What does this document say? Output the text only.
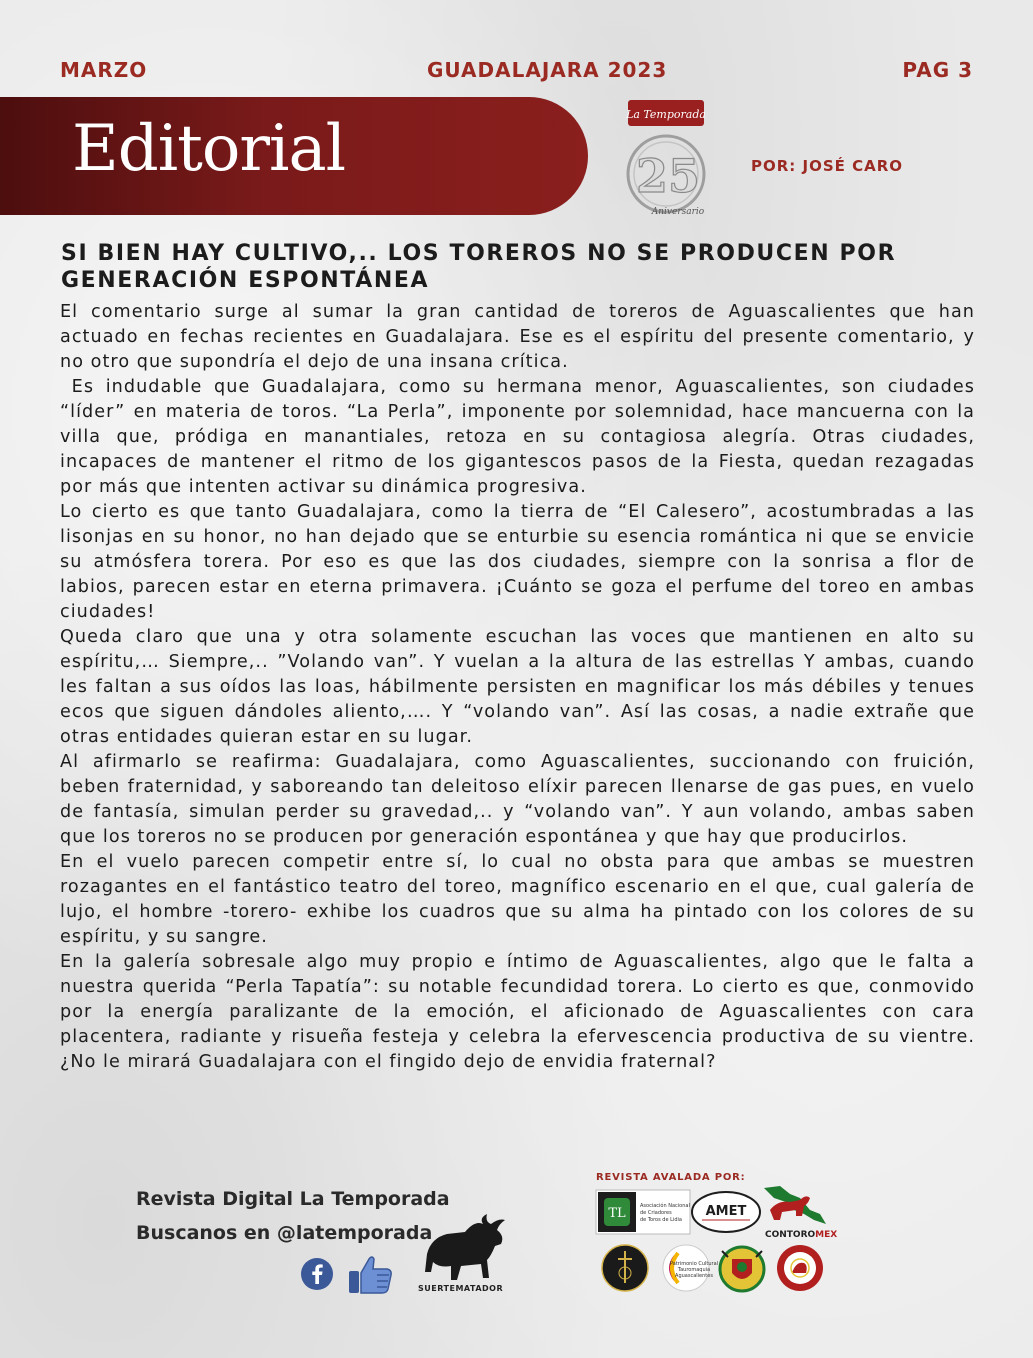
MARZO	GUADALAJARA 2023	PAG 3
Editorial	La Temporada
25
Aniversario
POR: JOSÉ CARO
SI BIEN HAY CULTIVO,.. LOS TOREROS NO SE PRODUCEN POR GENERACIÓN ESPONTÁNEA

El comentario surge al sumar la gran cantidad de toreros de Aguascalientes que han actuado en fechas recientes en Guadalajara. Ese es el espíritu del presente comentario, y no otro que supondría el dejo de una insana crítica.

Es indudable que Guadalajara, como su hermana menor, Aguascalientes, son ciudades “líder” en materia de toros. “La Perla”, imponente por solemnidad, hace mancuerna con la villa que, pródiga en manantiales, retoza en su contagiosa alegría. Otras ciudades, incapaces de mantener el ritmo de los gigantescos pasos de la Fiesta, quedan rezagadas por más que intenten activar su dinámica progresiva.

Lo cierto es que tanto Guadalajara, como la tierra de “El Calesero”, acostumbradas a las lisonjas en su honor, no han dejado que se enturbie su esencia romántica ni que se envicie su atmósfera torera. Por eso es que las dos ciudades, siempre con la sonrisa a flor de labios, parecen estar en eterna primavera. ¡Cuánto se goza el perfume del toreo en ambas ciudades!

Queda claro que una y otra solamente escuchan las voces que mantienen en alto su espíritu,… Siempre,.. ”Volando van”. Y vuelan a la altura de las estrellas Y ambas, cuando les faltan a sus oídos las loas, hábilmente persisten en magnificar los más débiles y tenues ecos que siguen dándoles aliento,…. Y “volando van”. Así las cosas, a nadie extrañe que otras entidades quieran estar en su lugar.

Al afirmarlo se reafirma: Guadalajara, como Aguascalientes, succionando con fruición, beben fraternidad, y saboreando tan deleitoso elíxir parecen llenarse de gas pues, en vuelo de fantasía, simulan perder su gravedad,.. y “volando van”. Y aun volando, ambas saben que los toreros no se producen por generación espontánea y que hay que producirlos.

En el vuelo parecen competir entre sí, lo cual no obsta para que ambas se muestren rozagantes en el fantástico teatro del toreo, magnífico escenario en el que, cual galería de lujo, el hombre -torero- exhibe los cuadros que su alma ha pintado con los colores de su espíritu, y su sangre.

En la galería sobresale algo muy propio e íntimo de Aguascalientes, algo que le falta a nuestra querida “Perla Tapatía”: su notable fecundidad torera. Lo cierto es que, conmovido por la energía paralizante de la emoción, el aficionado de Aguascalientes con cara placentera, radiante y risueña festeja y celebra la efervescencia productiva de su vientre. ¿No le mirará Guadalajara con el fingido dejo de envidia fraternal?

Revista Digital La Temporada
Buscanos en @latemporada
SUERTEMATADOR
REVISTA AVALADA POR:
TL	Asociación Nacional
de Criadores
de Toros de Lidia
AMET
CONTOROMEX
Patrimonio Cultural
Tauromaquia
Aguascalientes
